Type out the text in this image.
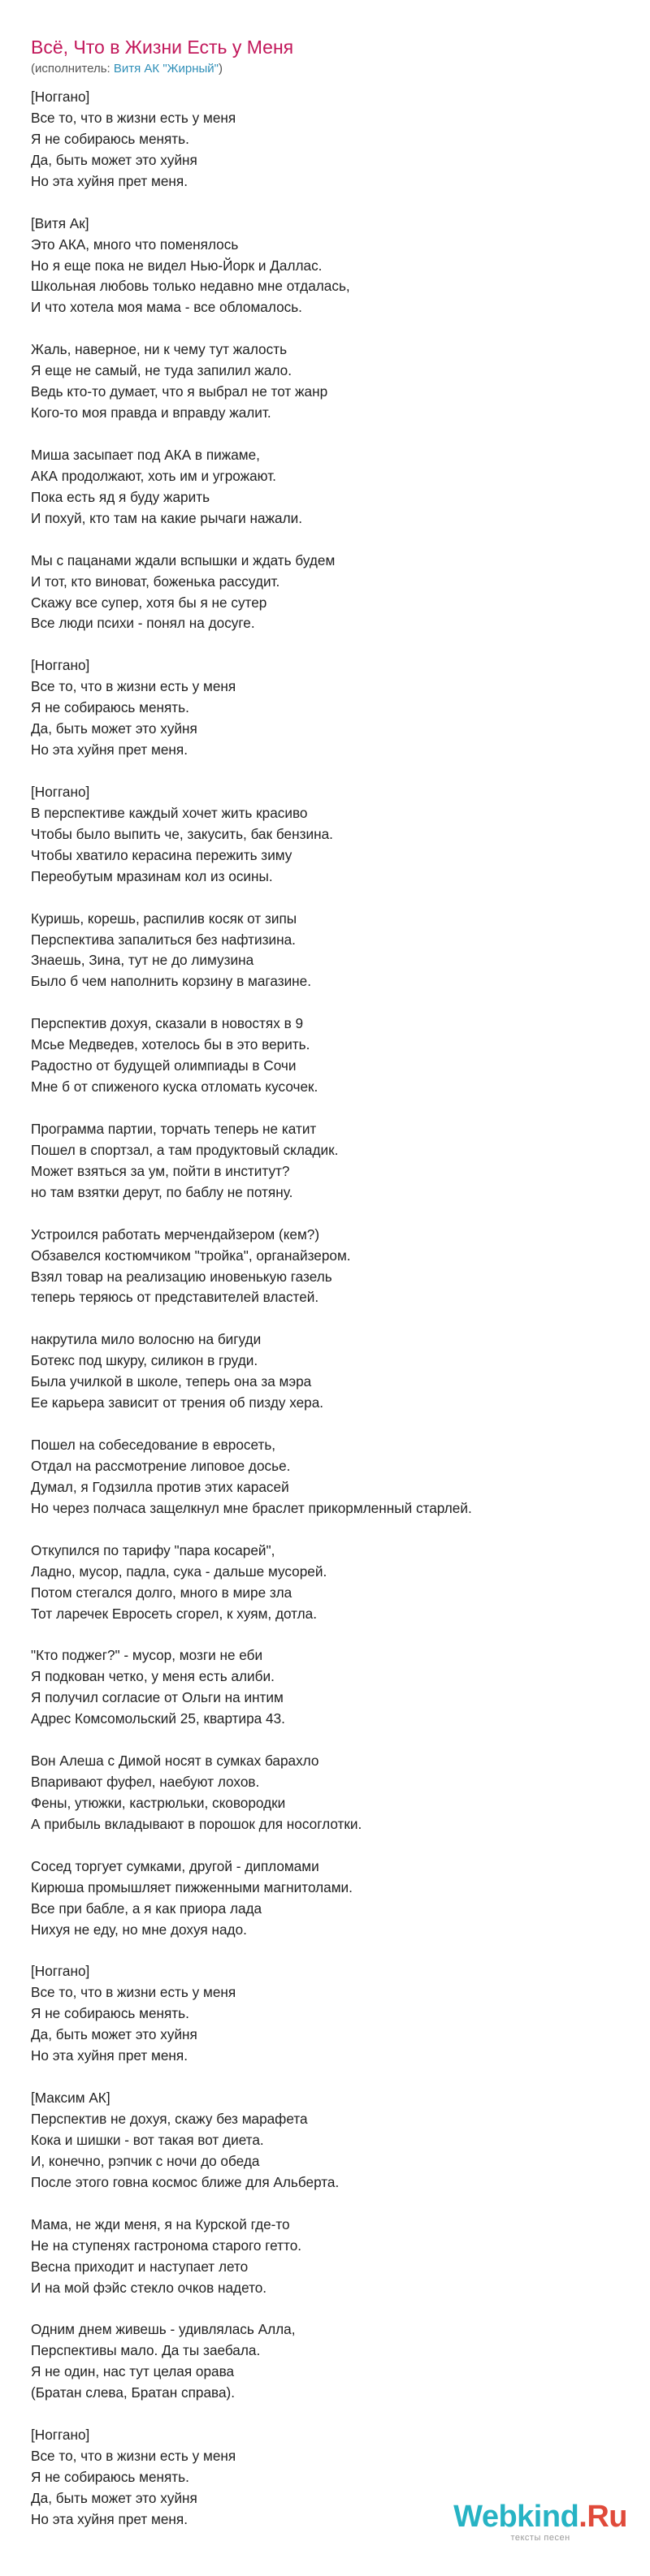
Всё, Что в Жизни Есть у Меня
(исполнитель: Витя АК "Жирный")
[Ноггано]
Все то, что в жизни есть у меня
Я не собираюсь менять.
Да, быть может это хуйня
Но эта хуйня прет меня.
[Витя Ак]
Это АКА, много что поменялось
Но я еще пока не видел Нью-Йорк и Даллас.
Школьная любовь только недавно мне отдалась,
И что хотела моя мама - все обломалось.
Жаль, наверное, ни к чему тут жалость
Я еще не самый, не туда запилил жало.
Ведь кто-то думает, что я выбрал не тот жанр
Кого-то моя правда и вправду жалит.
Миша засыпает под АКА в пижаме,
АКА продолжают, хоть им и угрожают.
Пока есть яд я буду жарить
И похуй, кто там на какие рычаги нажали.
Мы с пацанами ждали вспышки и ждать будем
И тот, кто виноват, боженька рассудит.
Скажу все супер, хотя бы я не сутер
Все люди психи - понял на досуге.
[Ноггано]
Все то, что в жизни есть у меня
Я не собираюсь менять.
Да, быть может это хуйня
Но эта хуйня прет меня.
[Ноггано]
В перспективе каждый хочет жить красиво
Чтобы было выпить че, закусить, бак бензина.
Чтобы хватило керасина пережить зиму
Переобутым мразинам кол из осины.
Куришь, корешь, распилив косяк от зипы
Перспектива запалиться без нафтизина.
Знаешь, Зина, тут не до лимузина
Было б чем наполнить корзину в магазине.
Перспектив дохуя, сказали в новостях в 9
Мсье Медведев, хотелось бы в это верить.
Радостно от будущей олимпиады в Сочи
Мне б от спиженого куска отломать кусочек.
Программа партии, торчать теперь не катит
Пошел в спортзал, а там продуктовый складик.
Может взяться за ум, пойти в институт?
но там взятки дерут, по баблу не потяну.
Устроился работать мерчендайзером (кем?)
Обзавелся костюмчиком "тройка", органайзером.
Взял товар на реализацию иновенькую газель
теперь теряюсь от представителей властей.
накрутила мило волосню на бигуди
Ботекс под шкуру, силикон в груди.
Была училкой в школе, теперь она за мэра
Ее карьера зависит от трения об пизду хера.
Пошел на собеседование в евросеть,
Отдал на рассмотрение липовое досье.
Думал, я Годзилла против этих карасей
Но через полчаса защелкнул мне браслет прикормленный старлей.
Откупился по тарифу "пара косарей",
Ладно, мусор, падла, сука - дальше мусорей.
Потом стегался долго, много в мире зла
Тот ларечек Евросеть сгорел, к хуям, дотла.
"Кто поджег?" - мусор, мозги не еби
Я подкован четко, у меня есть алиби.
Я получил согласие от Ольги на интим
Адрес Комсомольский 25, квартира 43.
Вон Алеша с Димой носят в сумках барахло
Впаривают фуфел, наебуют лохов.
Фены, утюжки, кастрюльки, сковородки
А прибыль вкладывают в порошок для носоглотки.
Сосед торгует сумками, другой - дипломами
Кирюша промышляет пижженными магнитолами.
Все при бабле, а я как приора лада
Нихуя не еду, но мне дохуя надо.
[Ноггано]
Все то, что в жизни есть у меня
Я не собираюсь менять.
Да, быть может это хуйня
Но эта хуйня прет меня.
[Максим АК]
Перспектив не дохуя, скажу без марафета
Кока и шишки - вот такая вот диета.
И, конечно, рэпчик с ночи до обеда
После этого говна космос ближе для Альберта.
Мама, не жди меня, я на Курской где-то
Не на ступенях гастронома старого гетто.
Весна приходит и наступает лето
И на мой фэйс стекло очков надето.
Одним днем живешь - удивлялась Алла,
Перспективы мало. Да ты заебала.
Я не один, нас тут целая орава
(Братан слева, Братан справа).
[Ноггано]
Все то, что в жизни есть у меня
Я не собираюсь менять.
Да, быть может это хуйня
Но эта хуйня прет меня.	Webkind.Ru
тексты песен
